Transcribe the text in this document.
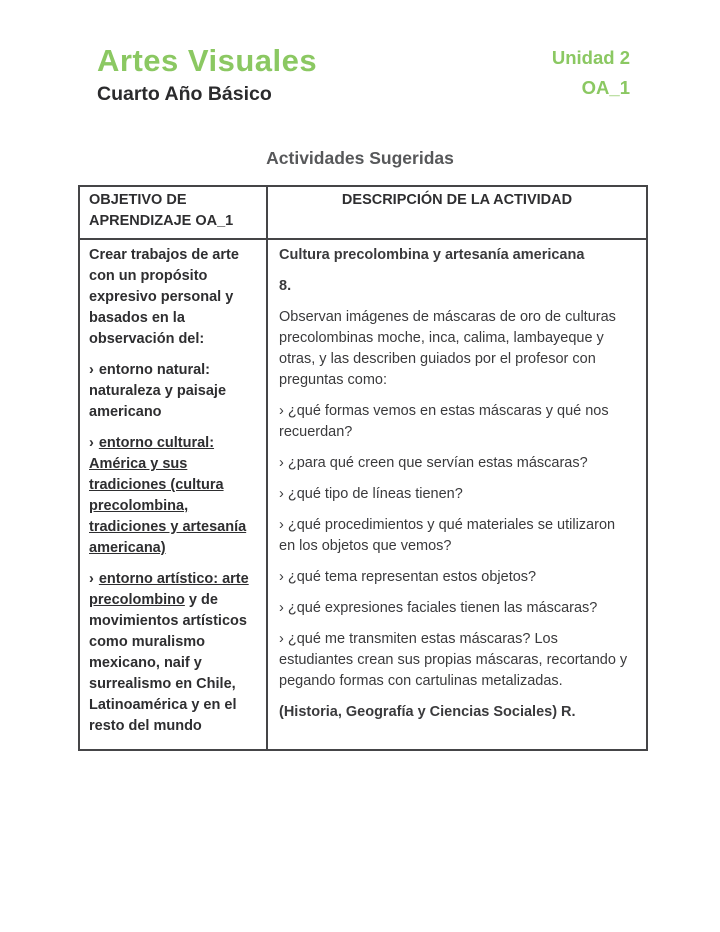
Artes Visuales
Cuarto Año Básico
Unidad 2
OA_1
Actividades Sugeridas
OBJETIVO DE APRENDIZAJE OA_1
DESCRIPCIÓN DE LA ACTIVIDAD

Crear trabajos de arte con un propósito expresivo personal y basados en la observación del:

› entorno natural: naturaleza y paisaje americano

› entorno cultural: América y sus tradiciones (cultura precolombina, tradiciones y artesanía americana)

› entorno artístico: arte precolombino y de movimientos artísticos como muralismo mexicano, naif y surrealismo en Chile, Latinoamérica y en el resto del mundo

Cultura precolombina y artesanía americana

8.

Observan imágenes de máscaras de oro de culturas precolombinas moche, inca, calima, lambayeque y otras, y las describen guiados por el profesor con preguntas como:

› ¿qué formas vemos en estas máscaras y qué nos recuerdan?

› ¿para qué creen que servían estas máscaras?

› ¿qué tipo de líneas tienen?

› ¿qué procedimientos y qué materiales se utilizaron en los objetos que vemos?

› ¿qué tema representan estos objetos?

› ¿qué expresiones faciales tienen las máscaras?

› ¿qué me transmiten estas máscaras? Los estudiantes crean sus propias máscaras, recortando y pegando formas con cartulinas metalizadas.

(Historia, Geografía y Ciencias Sociales) R.
